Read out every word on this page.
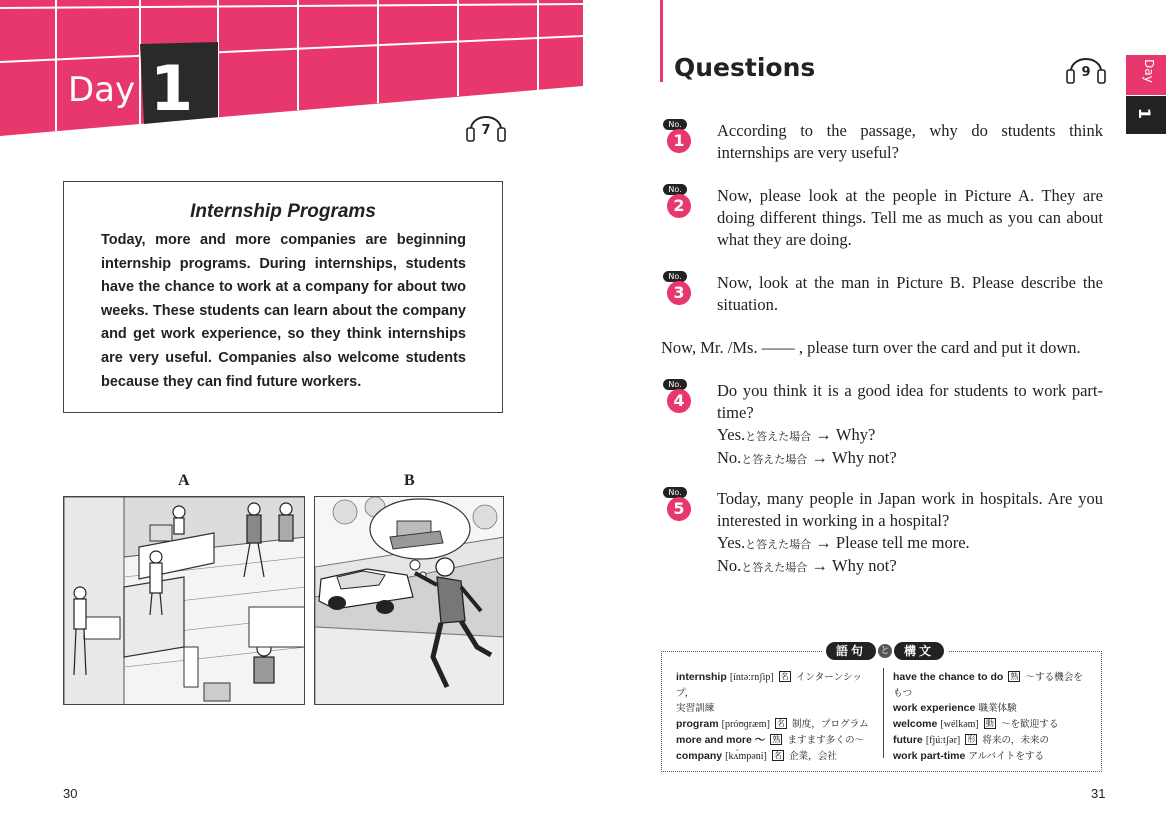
Day 1
7
Internship Programs
Today, more and more companies are beginning internship programs. During internships, students have the chance to work at a company for about two weeks. These students can learn about the company and get work experience, so they think internships are very useful. Companies also welcome students because they can find future workers.
A	B
30
Questions	9	Day
1
No.
1
According to the passage, why do students think internships are very useful?
No.
2
Now, please look at the people in Picture A. They are doing different things. Tell me as much as you can about what they are doing.
No.
3
Now, look at the man in Picture B. Please describe the situation.
Now, Mr. /Ms. —— , please turn over the card and put it down.
No.
4
Do you think it is a good idea for students to work part-time?
Yes.と答えた場合 → Why?
No.と答えた場合 → Why not?
No.
5
Today, many people in Japan work in hospitals. Are you interested in working in a hospital?
Yes.と答えた場合 → Please tell me more.
No.と答えた場合 → Why not?
語句 と 構文
internship [íntəːrnʃìp] 名 インターンシップ，
実習訓練
program [próʊɡræm] 名 制度，プログラム
more and more ～ 熟 ますます多くの～
company [kʌ́mpəni] 名 企業，会社
have the chance to do 熟 ～する機会を
もつ
work experience 職業体験
welcome [wélkəm] 動 ～を歓迎する
future [fjúːtʃər] 形 将来の，未来の
work part-time アルバイトをする
31
